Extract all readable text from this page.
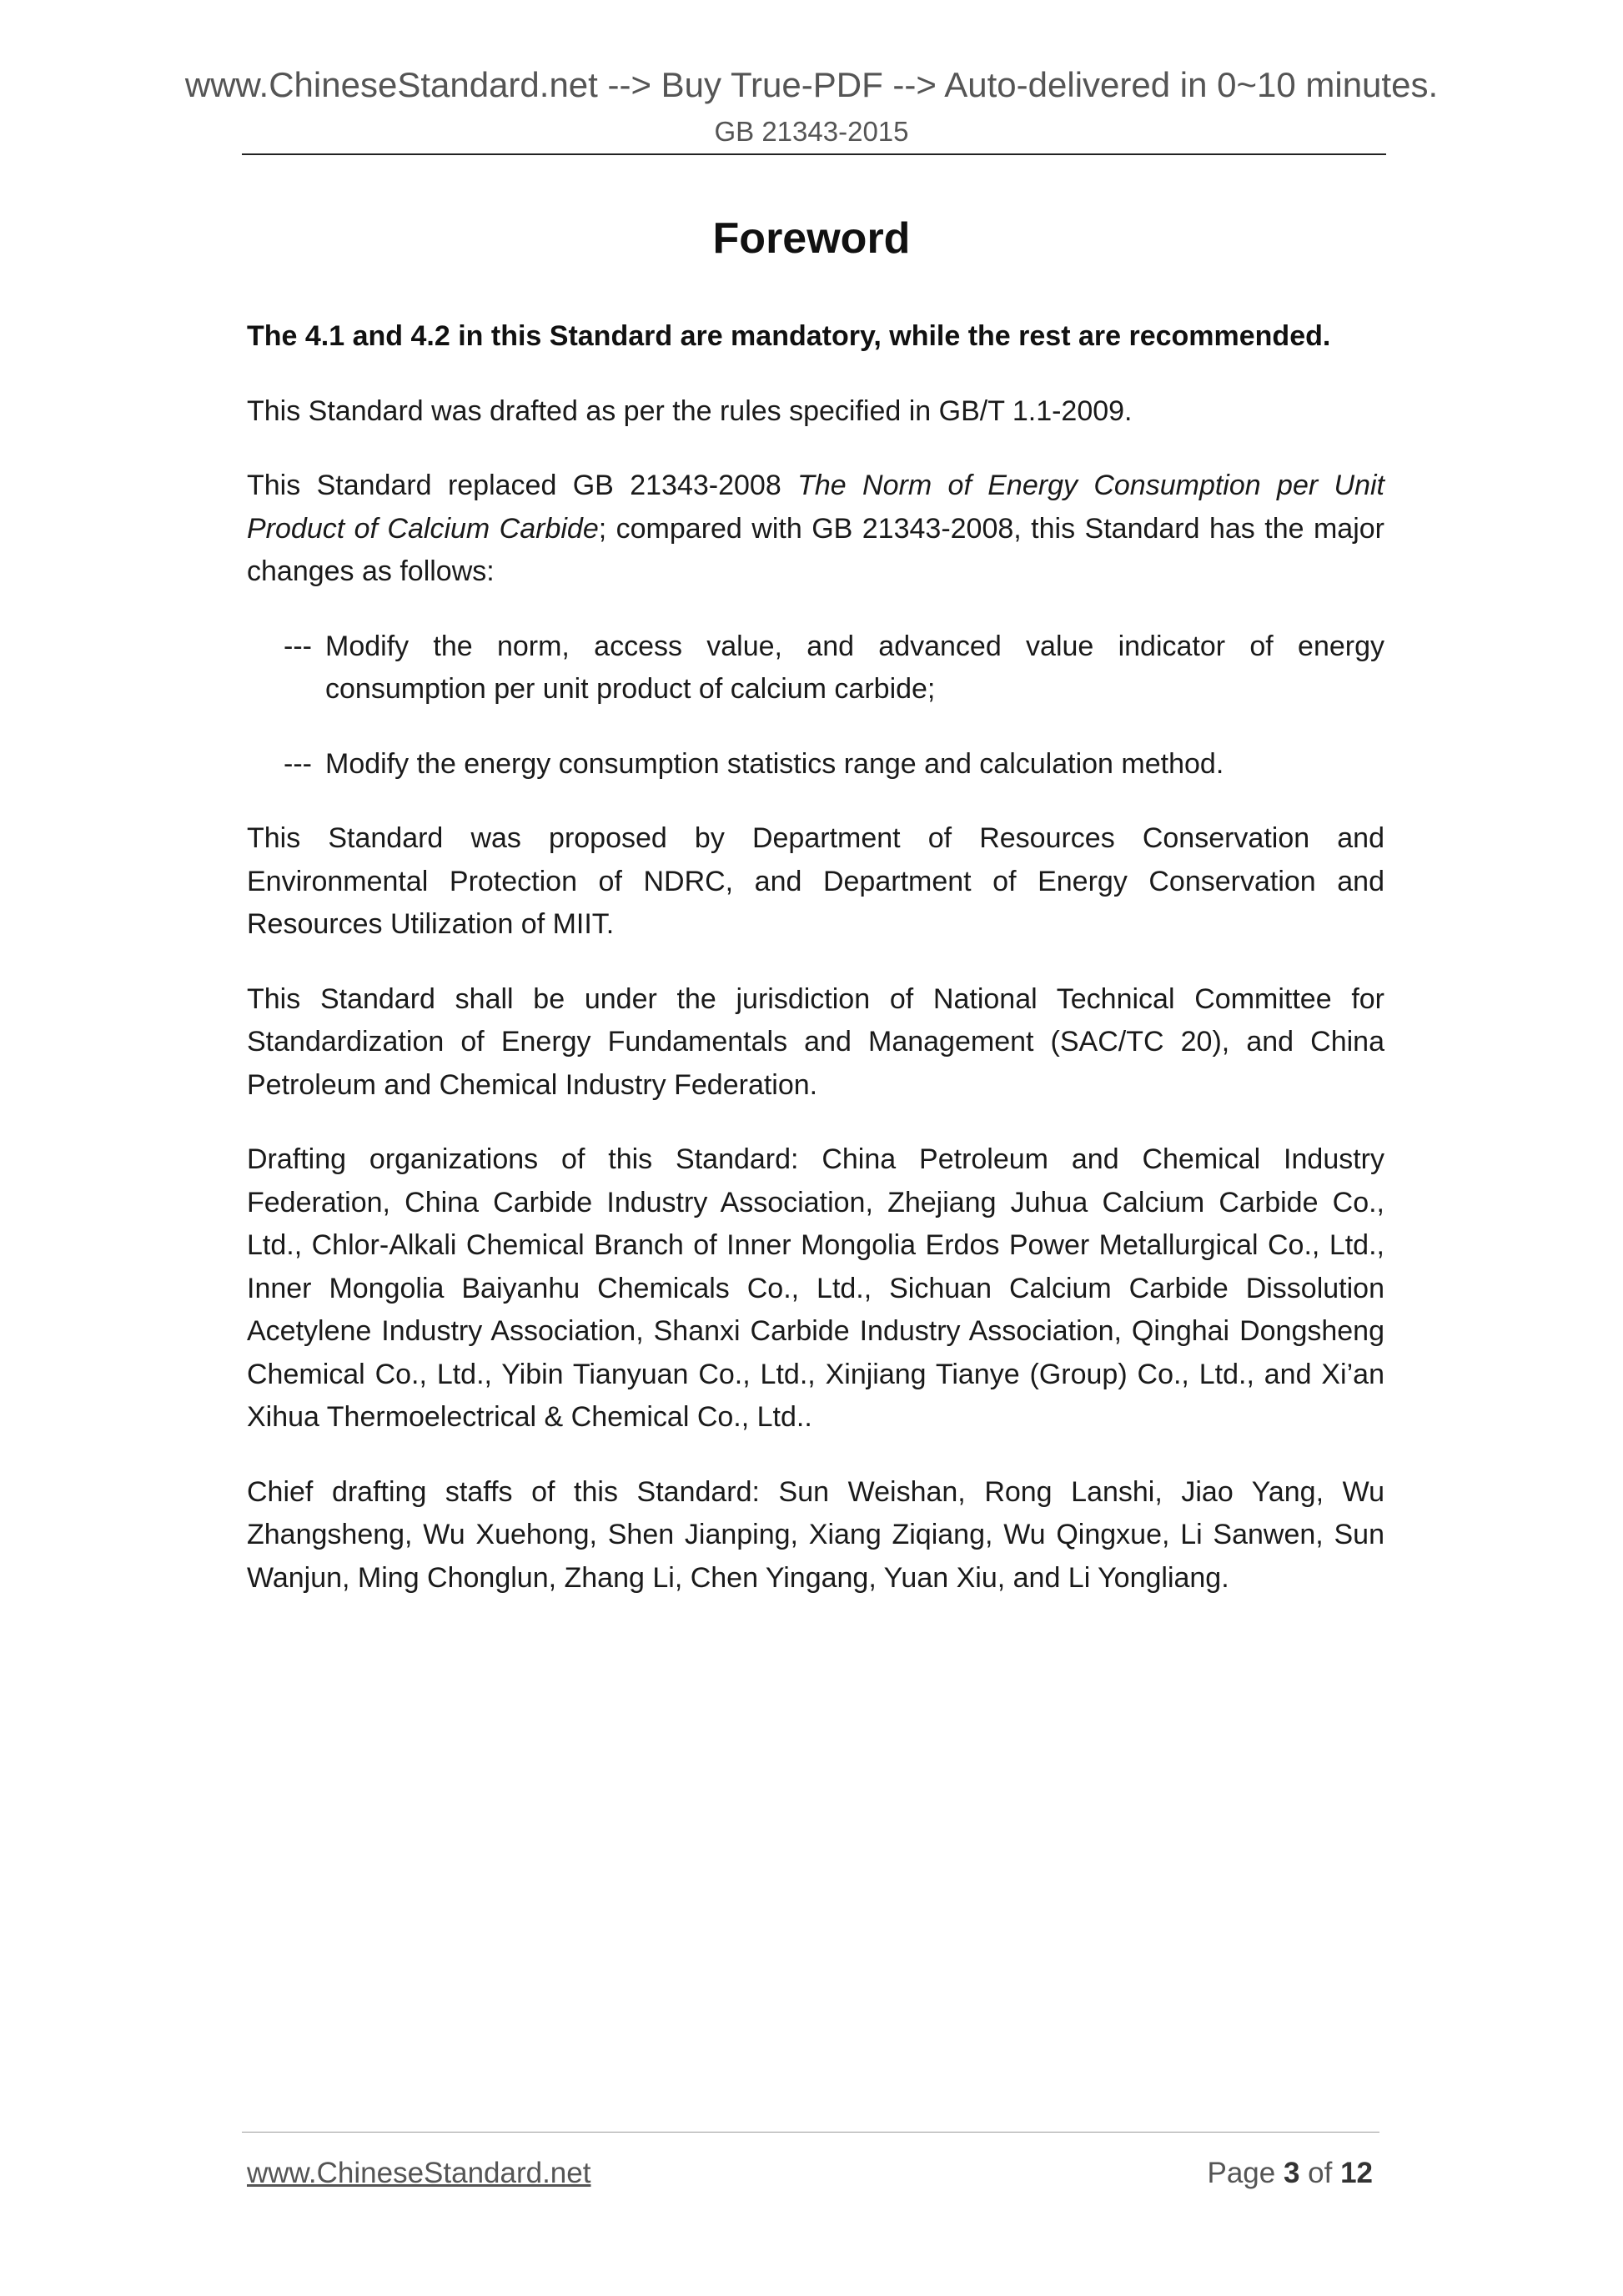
www.ChineseStandard.net --> Buy True-PDF --> Auto-delivered in 0~10 minutes.
GB 21343-2015
Foreword

The 4.1 and 4.2 in this Standard are mandatory, while the rest are recommended.

This Standard was drafted as per the rules specified in GB/T 1.1-2009.

This Standard replaced GB 21343-2008 The Norm of Energy Consumption per Unit Product of Calcium Carbide; compared with GB 21343-2008, this Standard has the major changes as follows:

--- Modify the norm, access value, and advanced value indicator of energy consumption per unit product of calcium carbide;
--- Modify the energy consumption statistics range and calculation method.

This Standard was proposed by Department of Resources Conservation and Environmental Protection of NDRC, and Department of Energy Conservation and Resources Utilization of MIIT.

This Standard shall be under the jurisdiction of National Technical Committee for Standardization of Energy Fundamentals and Management (SAC/TC 20), and China Petroleum and Chemical Industry Federation.

Drafting organizations of this Standard: China Petroleum and Chemical Industry Federation, China Carbide Industry Association, Zhejiang Juhua Calcium Carbide Co., Ltd., Chlor-Alkali Chemical Branch of Inner Mongolia Erdos Power Metallurgical Co., Ltd., Inner Mongolia Baiyanhu Chemicals Co., Ltd., Sichuan Calcium Carbide Dissolution Acetylene Industry Association, Shanxi Carbide Industry Association, Qinghai Dongsheng Chemical Co., Ltd., Yibin Tianyuan Co., Ltd., Xinjiang Tianye (Group) Co., Ltd., and Xi’an Xihua Thermoelectrical & Chemical Co., Ltd..

Chief drafting staffs of this Standard: Sun Weishan, Rong Lanshi, Jiao Yang, Wu Zhangsheng, Wu Xuehong, Shen Jianping, Xiang Ziqiang, Wu Qingxue, Li Sanwen, Sun Wanjun, Ming Chonglun, Zhang Li, Chen Yingang, Yuan Xiu, and Li Yongliang.

www.ChineseStandard.net	Page 3 of 12
